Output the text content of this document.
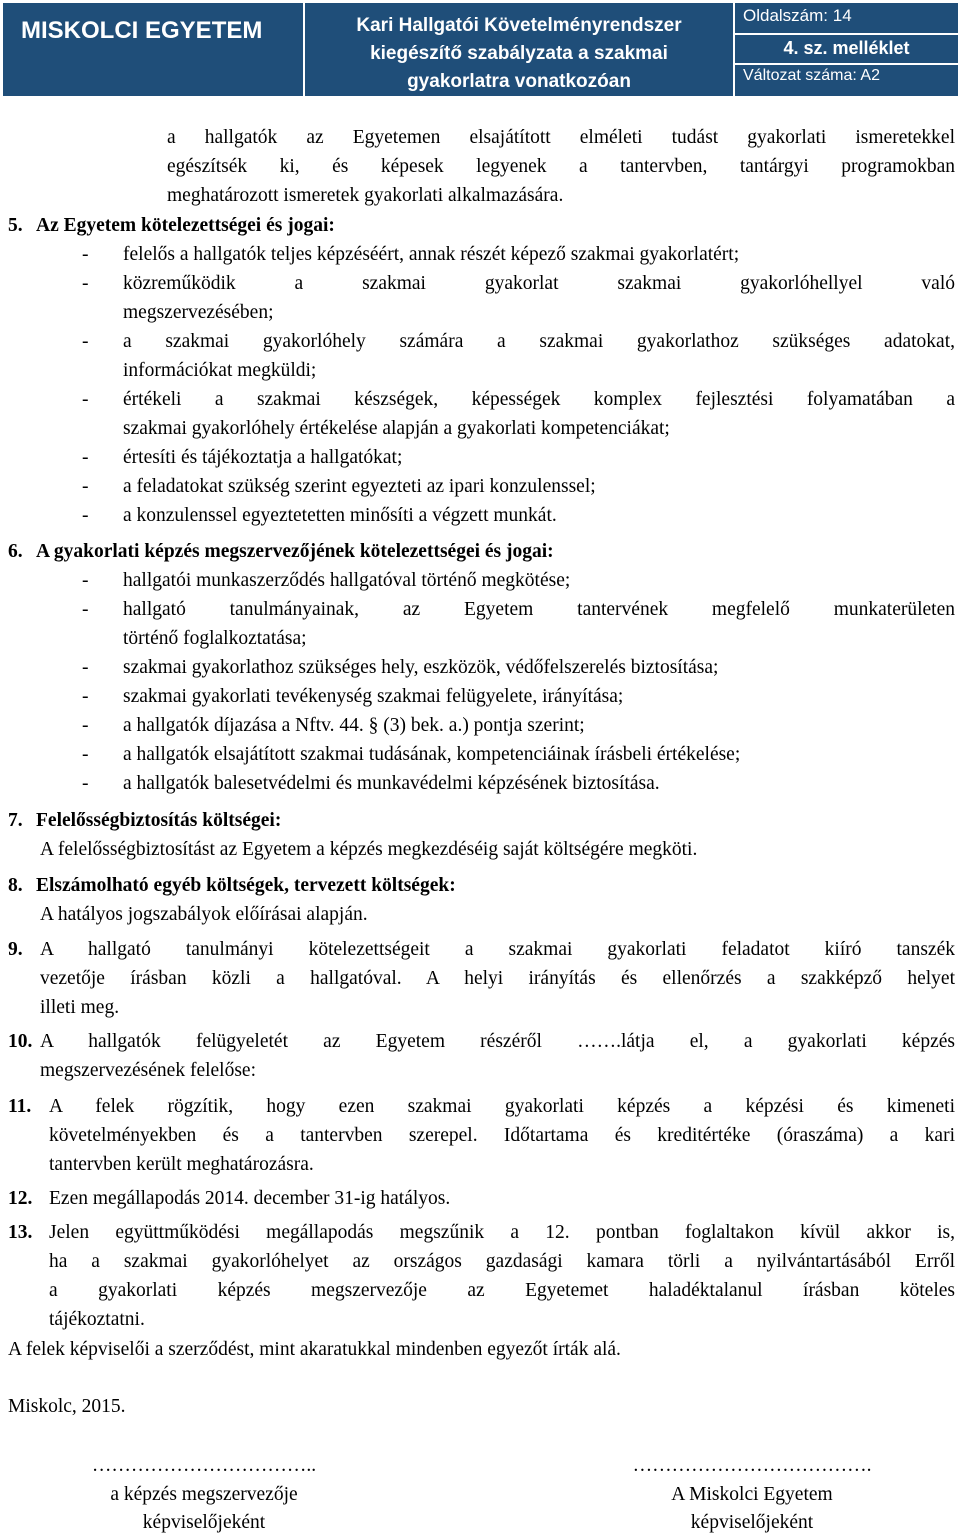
MISKOLCI EGYETEM	Kari Hallgatói Követelményrendszer
kiegészítő szabályzata a szakmai
gyakorlatra vonatkozóan
Oldalszám: 14
4. sz. melléklet
Változat száma: A2
a hallgatók az Egyetemen elsajátított elméleti tudást gyakorlati ismeretekkel
egészítsék ki, és képesek legyenek a tantervben, tantárgyi programokban
meghatározott ismeretek gyakorlati alkalmazására.
5. Az Egyetem kötelezettségei és jogai:
- felelős a hallgatók teljes képzéséért, annak részét képező szakmai gyakorlatért;
- közreműködik a szakmai gyakorlat szakmai gyakorlóhellyel való
megszervezésében;
- a szakmai gyakorlóhely számára a szakmai gyakorlathoz szükséges adatokat,
információkat megküldi;
- értékeli a szakmai készségek, képességek komplex fejlesztési folyamatában a
szakmai gyakorlóhely értékelése alapján a gyakorlati kompetenciákat;
- értesíti és tájékoztatja a hallgatókat;
- a feladatokat szükség szerint egyezteti az ipari konzulenssel;
- a konzulenssel egyeztetetten minősíti a végzett munkát.
6. A gyakorlati képzés megszervezőjének kötelezettségei és jogai:
- hallgatói munkaszerződés hallgatóval történő megkötése;
- hallgató tanulmányainak, az Egyetem tantervének megfelelő munkaterületen
történő foglalkoztatása;
- szakmai gyakorlathoz szükséges hely, eszközök, védőfelszerelés biztosítása;
- szakmai gyakorlati tevékenység szakmai felügyelete, irányítása;
- a hallgatók díjazása a Nftv. 44. § (3) bek. a.) pontja szerint;
- a hallgatók elsajátított szakmai tudásának, kompetenciáinak írásbeli értékelése;
- a hallgatók balesetvédelmi és munkavédelmi képzésének biztosítása.
7. Felelősségbiztosítás költségei:
A felelősségbiztosítást az Egyetem a képzés megkezdéséig saját költségére megköti.
8. Elszámolható egyéb költségek, tervezett költségek:
A hatályos jogszabályok előírásai alapján.
9. A hallgató tanulmányi kötelezettségeit a szakmai gyakorlati feladatot kiíró tanszék
vezetője írásban közli a hallgatóval. A helyi irányítás és ellenőrzés a szakképző helyet
illeti meg.
10. A hallgatók felügyeletét az Egyetem részéről …….látja el, a gyakorlati képzés
megszervezésének felelőse:
11. A felek rögzítik, hogy ezen szakmai gyakorlati képzés a képzési és kimeneti
követelményekben és a tantervben szerepel. Időtartama és kreditértéke (óraszáma) a kari
tantervben került meghatározásra.
12. Ezen megállapodás 2014. december 31-ig hatályos.
13. Jelen együttműködési megállapodás megszűnik a 12. pontban foglaltakon kívül akkor is,
ha a szakmai gyakorlóhelyet az országos gazdasági kamara törli a nyilvántartásából Erről
a gyakorlati képzés megszervezője az Egyetemet haladéktalanul írásban köteles
tájékoztatni.
A felek képviselői a szerződést, mint akaratukkal mindenben egyezőt írták alá.
Miskolc, 2015.
……………………………..
a képzés megszervezője
képviselőjeként
……………………………….
A Miskolci Egyetem
képviselőjeként
